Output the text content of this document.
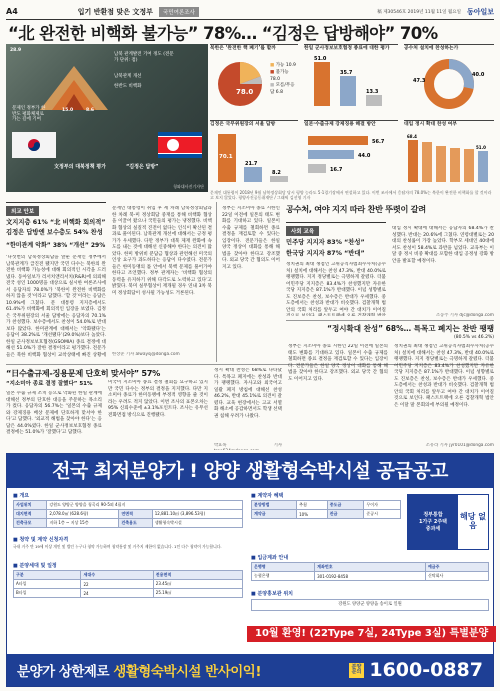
A4	입기 반환점 맞은 文정부	국민여론조사	稿 제30546호 2019년 11월 11일 월요일 동아일보
“北 완전한 비핵화 불가능” 78%… “김정은 답방해야” 70%
28.9
남북 관계발전 기여 정도 (전문가 단위: 점)
문제인 정부가 한반도 평화체제로 가는 길에 기여
남북관계 개선
한반도 비핵화
15.0	8.6
文정부의 대북정책 평가	“김정은 답방”
청와대사진기자단
북한은 ‘완전한 핵 폐기’를 할까
78.0
■ 가능 10.9
■ 불가능 78.0
■ 모름/무응답 6.8
한일 군사정보보호협정 종료에 대한 평가
51.0
35.7
13.3
공수처 설치에 찬성하는가
47.3
40.0
김정은 국무위원장의 서울 답방
70.1
21.7
8.2
일본·수출규제 강제징용 해결 방안
56.7
44.0
16.7
대입 정시 확대 찬성 여부
68.4
51.0
문재인 대통령이 2018년 9월 남북정상회담 당시 평양 능라도 5·1경기장에서 연설하고 있다. 이번 조사에서 응답자의 78.0%는 북한이 완전한 비핵화를 할 것이라고 보지 않았다. 평양사진공동취재단 / 그래픽 김선영 기자
외교 안보
文지지층 61% “北 비핵화 회의적”
김정은 답방엔 보수층도 54% 찬성
“한미관계 악화” 38% “개선” 29%
‘다섯번의 남북정상회담을 앞둔 문재인 정부에서 남북관계가 급진전 됐지만 국민 다수는 북한의 완전한 비핵화 가능성에 대해 회의적인 시각을 드러냈다. 동아일보가 리서치앤리서치(R&R)에 의뢰해 전국 성인 1000명을 대상으로 실시한 여론조사에서 응답자의 78.0%가 ‘북한이 완전한 비핵화를 하지 않을 것’이라고 답했다. ‘할 것’이라는 응답은 10.9%에 그쳤다. 문 대통령 지지층에서도 61.4%가 비핵화에 회의적인 입장을 보였다. 김정은 국무위원장의 서울 답방에는 응답자의 70.1%가 찬성했다. 보수층에서도 찬성이 54.0%로 반대보다 많았다. 한미관계에 대해서는 ‘악화됐다’는 응답이 38.2%로 ‘개선됐다’(29.0%)보다 높았다. 한일 군사정보보호협정(GSOMIA) 종료 결정에 대해선 51.0%가 잘한 결정이라고 평가했다. 전문가들은 북한 비핵화 협상이 교착상태에 빠진 상황에
문재인 대통령이 취임 후 세 차례 남북정상회담과 한 차례 북-미 정상회담 중재를 통해 비핵화 협상을 이끌어 왔으나 국민들의 평가는 냉정했다. 비핵화 협상의 실질적 진전이 없다는 인식이 확산된 결과로 풀이된다. 남북관계 개선에 대해서는 긍정 평가가 우세했다. 다만 정부가 대북 제재 완화에 속도를 내는 것에 대해선 신중해야 한다는 의견이 많았다. 한미 방위비 분담금 협상과 관련해선 미국의 인상 요구가 과도하다는 응답이 다수였다. 전문가들은 한미동맹의 틀 안에서 북핵 문제를 풀어가야 한다고 조언했다. 정부 관계자는 ‘비핵화 협상의 동력을 유지하기 위해 다각도로 노력하고 있다’고 밝혔다. 북미 실무협상이 재개될 경우 연내 3차 북미 정상회담이 성사될 가능성도 거론된다.
한상준 기자 alwaysj@donga.com
정부는 지소미아 종료 시한인 22일 이전에 일본의 태도 변화를 기대하고 있다. 일본이 수출 규제를 철회하면 종료 결정을 재검토할 수 있다는 입장이다. 전문가들은 한일 양국 정상이 대화를 통해 해법을 찾아야 한다고 강조했다. 외교 당국 간 협의도 이어지고 있다.
공수처, 여야 지지 따라 찬반 뚜렷이 갈려
사회 교육
민주당 지지자 83% “찬성”
한국당 지지자 87% “반대”
정치권의 최대 쟁점인 고위공직자범죄수사처(공수처) 설치에 대해서는 찬성 47.3%, 반대 40.0%로 팽팽했다. 지지 정당별로는 극명하게 갈렸다. 더불어민주당 지지층은 83.4%가 찬성했지만 자유한국당 지지층은 87.1%가 반대했다. 이념 성향별로도 진보층은 찬성, 보수층은 반대가 우세했다. 중도층에서는 찬성과 반대가 비슷했다. 검찰개혁 법안의 국회 처리를 앞두고 여야 간 대치가 이어질
대입 정시 확대에 대해서는 응답자의 68.4%가 찬성했다. 반대는 20.6%에 그쳤다. 연령대별로는 20대의 찬성률이 가장 높았다. 학부모 세대인 40대에서도 찬성이 58.4%로 과반을 넘었다. 교육부는 이달 중 정시 비중 확대를 포함한 대입 공정성 강화 방안을 발표할 예정이다.
조동주 기자 djc@donga.com
“정시확대 찬성” 68%… 특목고 폐지는 찬반 팽팽
(80.5% vs 46.2%)
“日수출규제-징용문제 단호히 맞서야” 57%
“지소미아 종료 결정 잘했다” 51%
일본 수출 규제 조치 등으로 악화된 한일 관계에 대해선 정부의 단호한 대응을 주문하는 목소리가 컸다. 응답자의 56.7%는 ‘일본의 수출 규제와 강제징용 배상 문제에 단호하게 맞서야 한다’고 답했다. ‘외교적 해법을 찾아야 한다’는 응답은 44.0%였다. 한일 군사정보보호협정 종료 결정에는 51.0%가 ‘잘했다’고 답했다.
미국이 지소미아 종료 결정 철회를 요구하고 있지만 국민 다수는 정부의 결정을 지지했다. 다만 지소미아 종료가 한미동맹에 부정적 영향을 줄 것이라는 우려도 적지 않았다. 이번 조사의 표본오차는 95% 신뢰수준에 ±3.1%포인트다. 조사는 유무선 전화면접 방식으로 진행됐다.
정시 확대 찬성은 68%로 나타났다. 특목고 폐지에는 찬성과 반대가 팽팽했다. 자사고와 외국어고 일괄 폐지 방침에 대해선 찬성 46.2%, 반대 45.1%로 의견이 갈렸다. 교육 현장에서는 고교 서열화 해소에 공감하면서도 학생 선택권 침해 우려가 나왔다.
박효목 기자
정부는 지소미아 종료 시한인 22일 이전에 일본의 태도 변화를 기대하고 있다. 일본이 수출 규제를 철회하면 종료 결정을 재검토할 수 있다는 입장이다. 전문가들은 한일 양국 정상이 대화를 통해 해법을 찾아야 한다고 강조했다. 외교 당국 간 협의도 이어지고 있다.
정치권의 최대 쟁점인 고위공직자범죄수사처(공수처) 설치에 대해서는 찬성 47.3%, 반대 40.0%로 팽팽했다. 지지 정당별로는 극명하게 갈렸다. 더불어민주당 지지층은 83.4%가 찬성했지만 자유한국당 지지층은 87.1%가 반대했다. 이념 성향별로도 진보층은 찬성, 보수층은 반대가 우세했다. 중도층에서는 찬성과 반대가 비슷했다. 검찰개혁 법안의 국회 처리를 앞두고 여야 간 대치가 이어질 것으로 보인다. 패스트트랙에 오른 검찰개혁 법안은 이달 말 본회의에 부의될 예정이다.
조유라 기자 jyr0101@donga.com
전국 최저분양가 ! 양양 생활형숙박시설 공급공고
■ 개요
사업위치	강원도 양양군 양양읍 청곡리 90-5외 4필지		
대지면적	2,078.0㎡ (628.6평)	연면적	12,881.10㎡ (3,896.53평)
건축규모	지하 1층 ~ 지상 15층	건축용도	생활형숙박시설
■ 청약 및 계약 신청자격
국내 거주 만 19세 이상 개인 및 법인 누구나 청약 가능하며 청약통장 및 거주지 제한이 없습니다. 1인 다수 청약이 가능합니다.
■ 분양세대 및 일정
구분	세대수	전용면적
A타입	22	23.45㎡
B타입	24	25.19㎡
■ 계약자 혜택
분양방법	추첨	중도금	무이자
계약금	10%	잔금	준공시	정부통합
1가구 2주택
중과세
해당 없음
■ 입금계좌 안내
은행명	계좌번호	예금주
농협은행	301-0192-8458	신탁회사
■ 분양홍보관 위치
강원도 양양군 양양읍 송이로 일원
10월 환영! (22Type 7실, 24Type 3실) 특별분양
분양가 상한제로 생활형숙박시설 반사이익!	분양
문의 1600-0887
